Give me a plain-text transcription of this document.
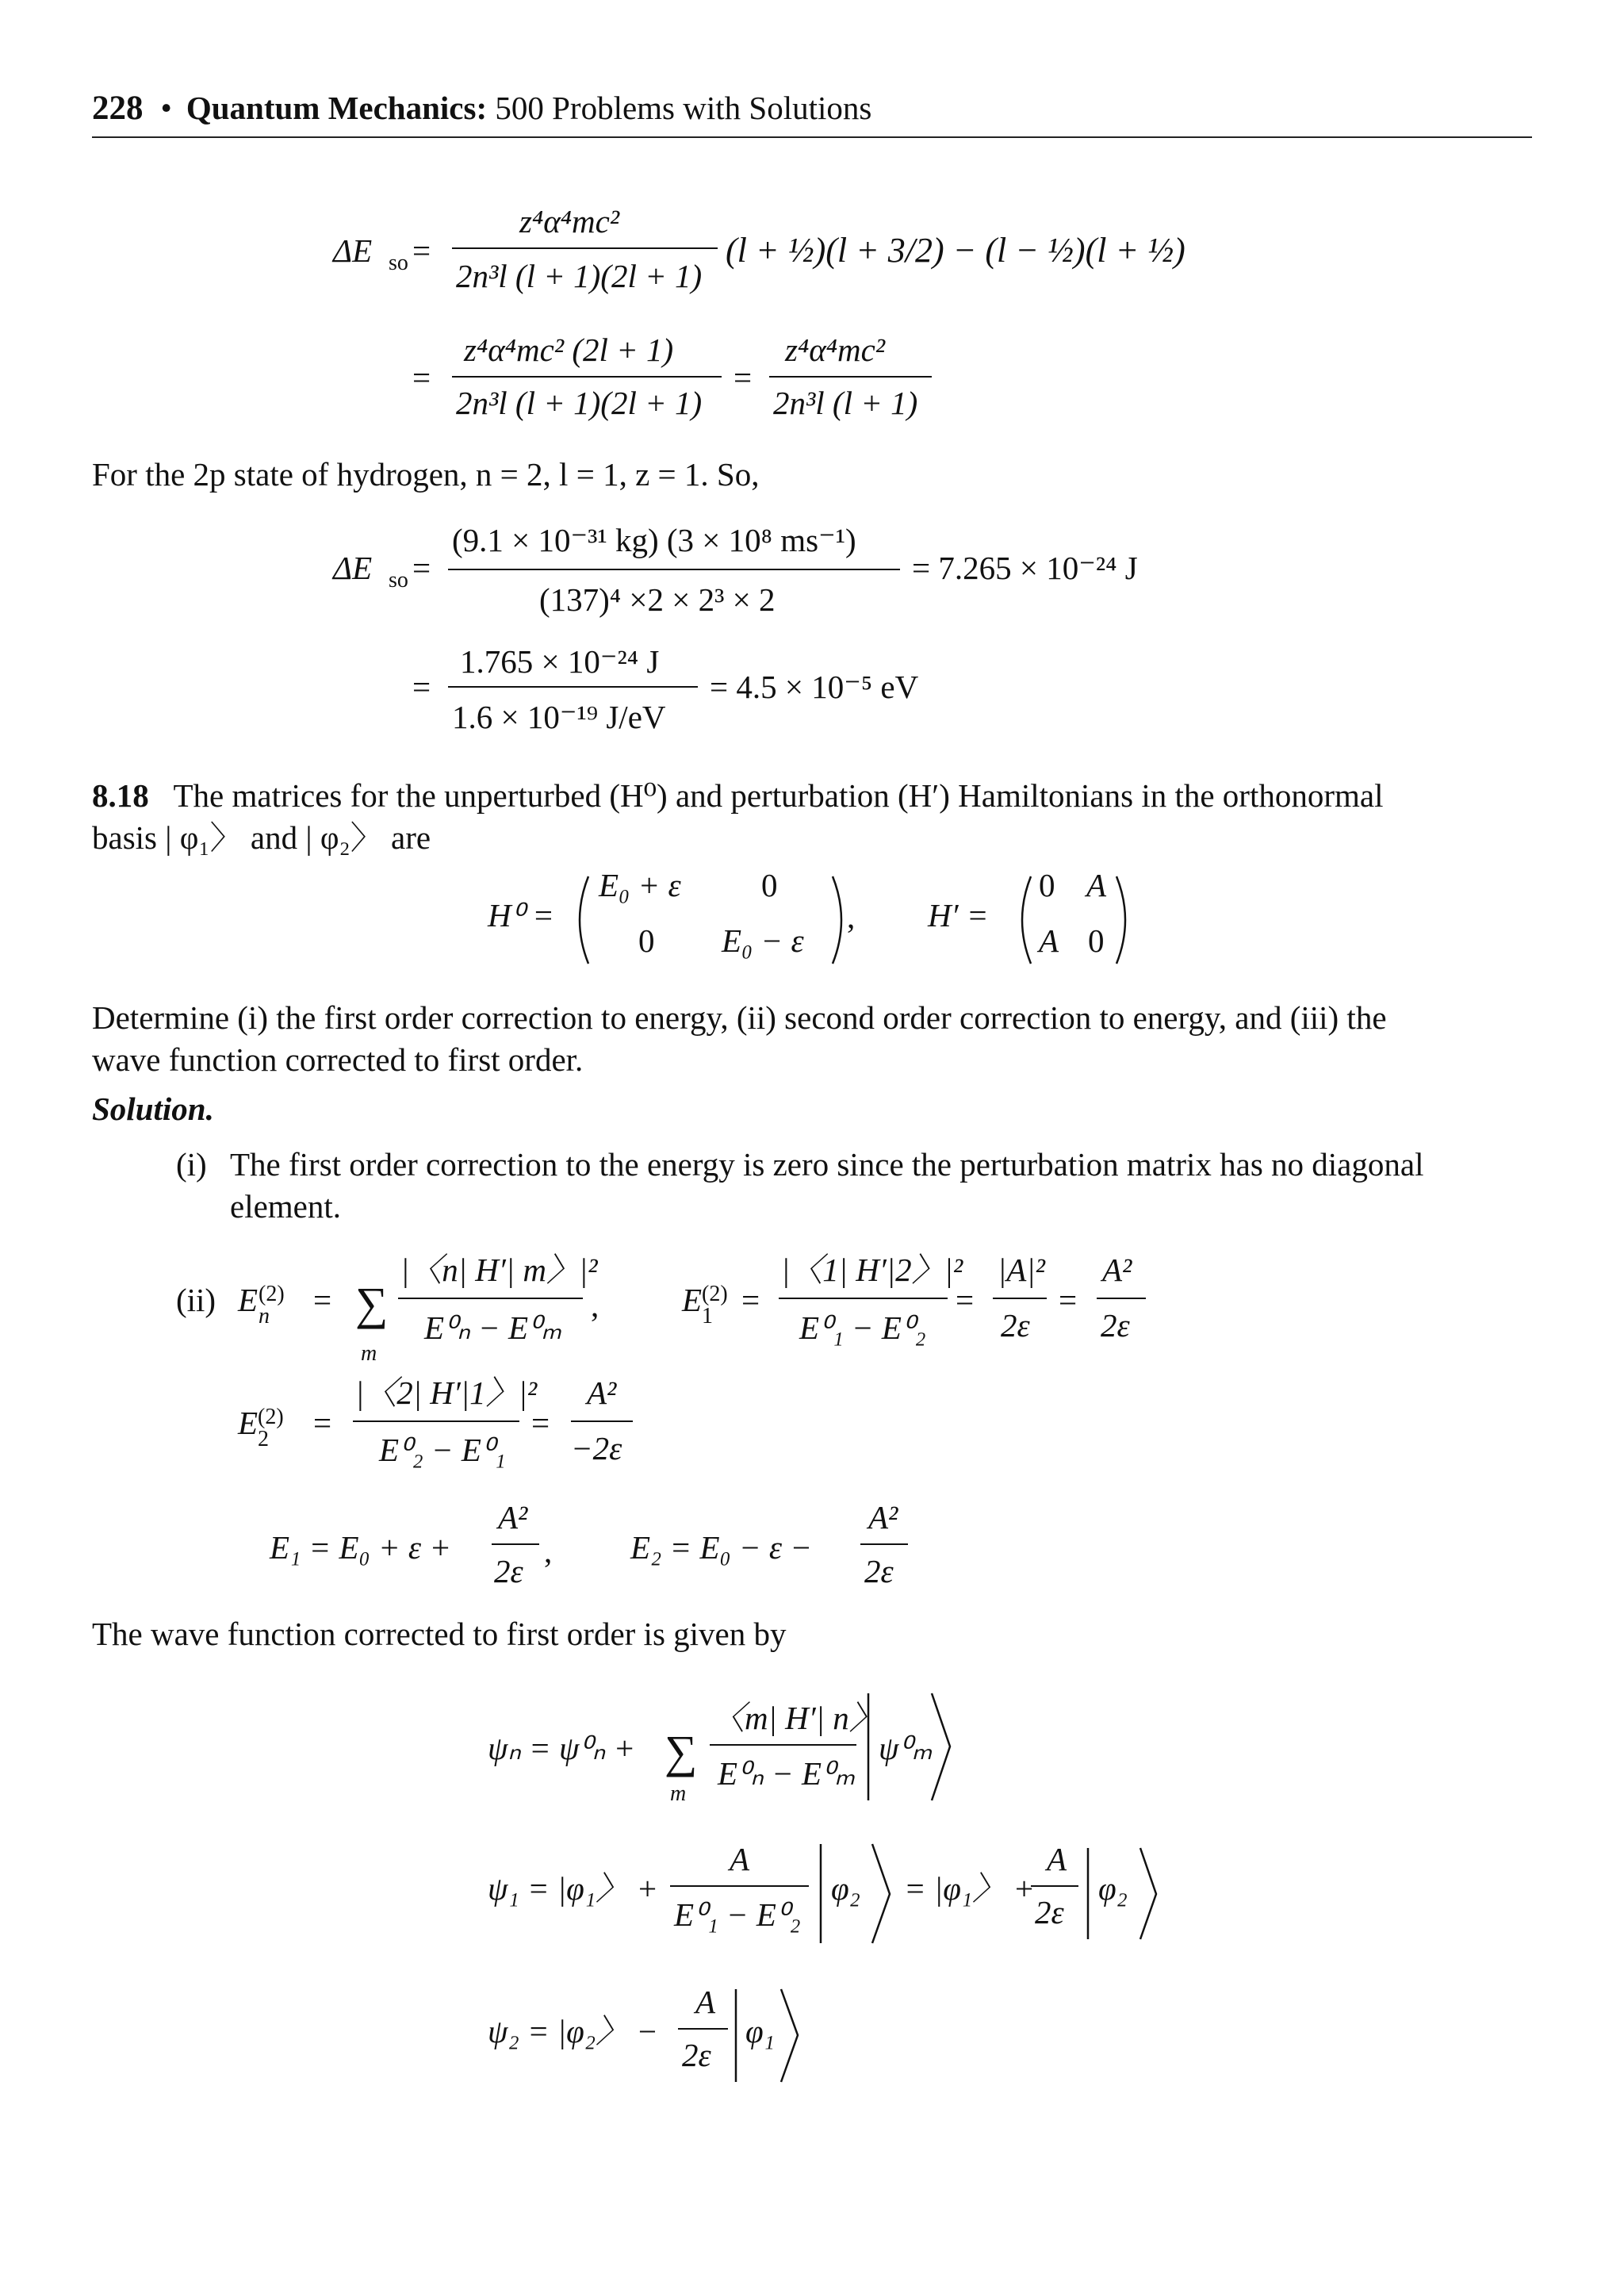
228 • Quantum Mechanics: 500 Problems with Solutions
ΔE so =
z⁴α⁴mc²
2n³l (l + 1)(2l + 1)
(l + ½)(l + 3/2) − (l − ½)(l + ½)
=
z⁴α⁴mc² (2l + 1)
2n³l (l + 1)(2l + 1)
=
z⁴α⁴mc²
2n³l (l + 1)
For the 2p state of hydrogen, n = 2, l = 1, z = 1. So,
ΔE so =
(9.1 × 10⁻³¹ kg) (3 × 10⁸ ms⁻¹)
(137)⁴ ×2 × 2³ × 2
= 7.265 × 10⁻²⁴ J
=
1.765 × 10⁻²⁴ J
1.6 × 10⁻¹⁹ J/eV
= 4.5 × 10⁻⁵ eV
8.18 The matrices for the unperturbed (H⁰) and perturbation (H′) Hamiltonians in the orthonormal
basis | φ₁〉 and | φ₂〉 are
H⁰ =
E₀ + ε 0
0 E₀ − ε
, H′ =
0 A
A 0
Determine (i) the first order correction to energy, (ii) second order correction to energy, and (iii) the
wave function corrected to first order.
Solution.
(i) The first order correction to the energy is zero since the perturbation matrix has no diagonal
element.
(ii) E (2)
n = ∑
m
|〈n| H′| m〉|²
E⁰ₙ − E⁰ₘ
,	E (2)
1 =
|〈1| H′|2〉|²
E⁰₁ − E⁰₂
=
|A|²
2ε
=
A²
2ε
E (2)
2 =
|〈2| H′|1〉|²
E⁰₂ − E⁰₁
=
A²
−2ε
E₁ = E₀ + ε +
A²
2ε
, E₂ = E₀ − ε −
A²
2ε
The wave function corrected to first order is given by
ψₙ = ψ⁰ₙ + ∑
m
〈m| H′| n〉
E⁰ₙ − E⁰ₘ
ψ⁰ₘ
ψ₁ = |φ₁〉 +
A
E⁰₁ − E⁰₂
φ₂ = |φ₁〉 +
A
2ε
φ₂
ψ₂ = |φ₂〉 −
A
2ε
φ₁
